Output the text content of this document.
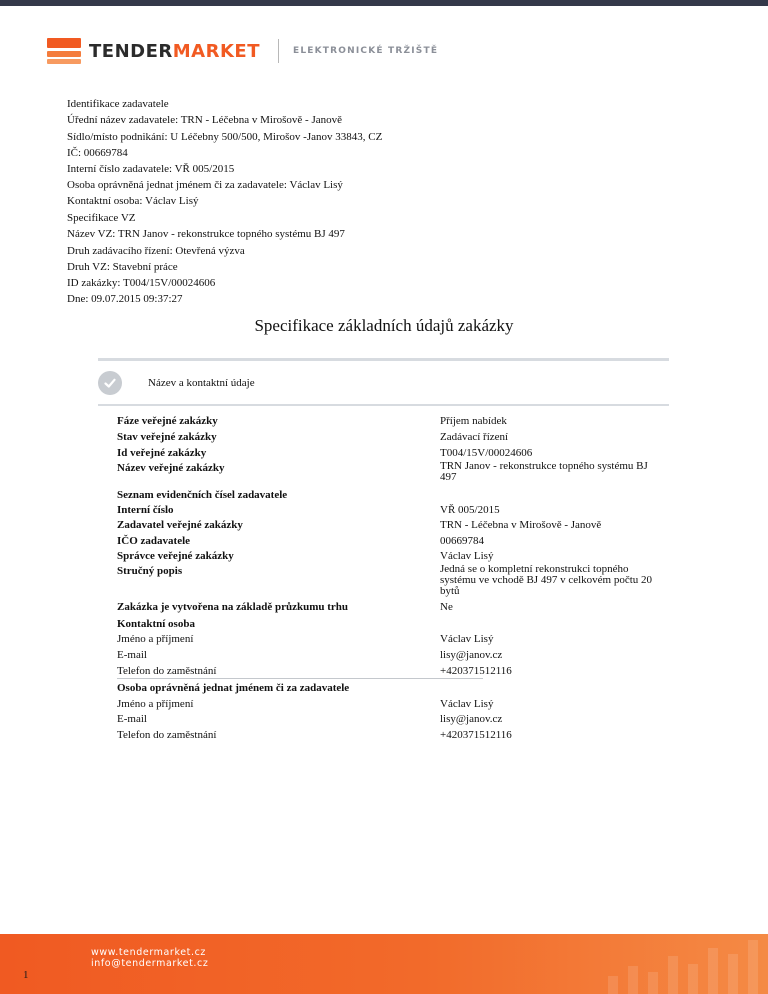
TENDERMARKET	ELEKTRONICKÉ TRŽIŠTĚ
Identifikace zadavatele
Úřední název zadavatele: TRN - Léčebna v Mirošově - Janově
Sídlo/místo podnikání: U Léčebny 500/500, Mirošov -Janov 33843, CZ
IČ: 00669784
Interní číslo zadavatele: VŘ 005/2015
Osoba oprávněná jednat jménem či za zadavatele: Václav Lisý
Kontaktní osoba: Václav Lisý
Specifikace VZ
Název VZ: TRN Janov - rekonstrukce topného systému BJ 497
Druh zadávacího řízení: Otevřená výzva
Druh VZ: Stavební práce
ID zakázky: T004/15V/00024606
Dne: 09.07.2015 09:37:27
Specifikace základních údajů zakázky
Název a kontaktní údaje
Fáze veřejné zakázky	Příjem nabídek
Stav veřejné zakázky	Zadávací řízení
Id veřejné zakázky	T004/15V/00024606
Název veřejné zakázky	TRN Janov - rekonstrukce topného systému BJ 497
Seznam evidenčních čísel zadavatele
Interní číslo	VŘ 005/2015
Zadavatel veřejné zakázky	TRN - Léčebna v Mirošově - Janově
IČO zadavatele	00669784
Správce veřejné zakázky	Václav Lisý
Stručný popis	Jedná se o kompletní rekonstrukci topného systému ve vchodě BJ 497 v celkovém počtu 20 bytů
Zakázka je vytvořena na základě průzkumu trhu	Ne
Kontaktní osoba
Jméno a příjmení	Václav Lisý
E-mail	lisy@janov.cz
Telefon do zaměstnání	+420371512116
Osoba oprávněná jednat jménem či za zadavatele
Jméno a příjmení	Václav Lisý
E-mail	lisy@janov.cz
Telefon do zaměstnání	+420371512116
www.tendermarket.cz
info@tendermarket.cz
1
